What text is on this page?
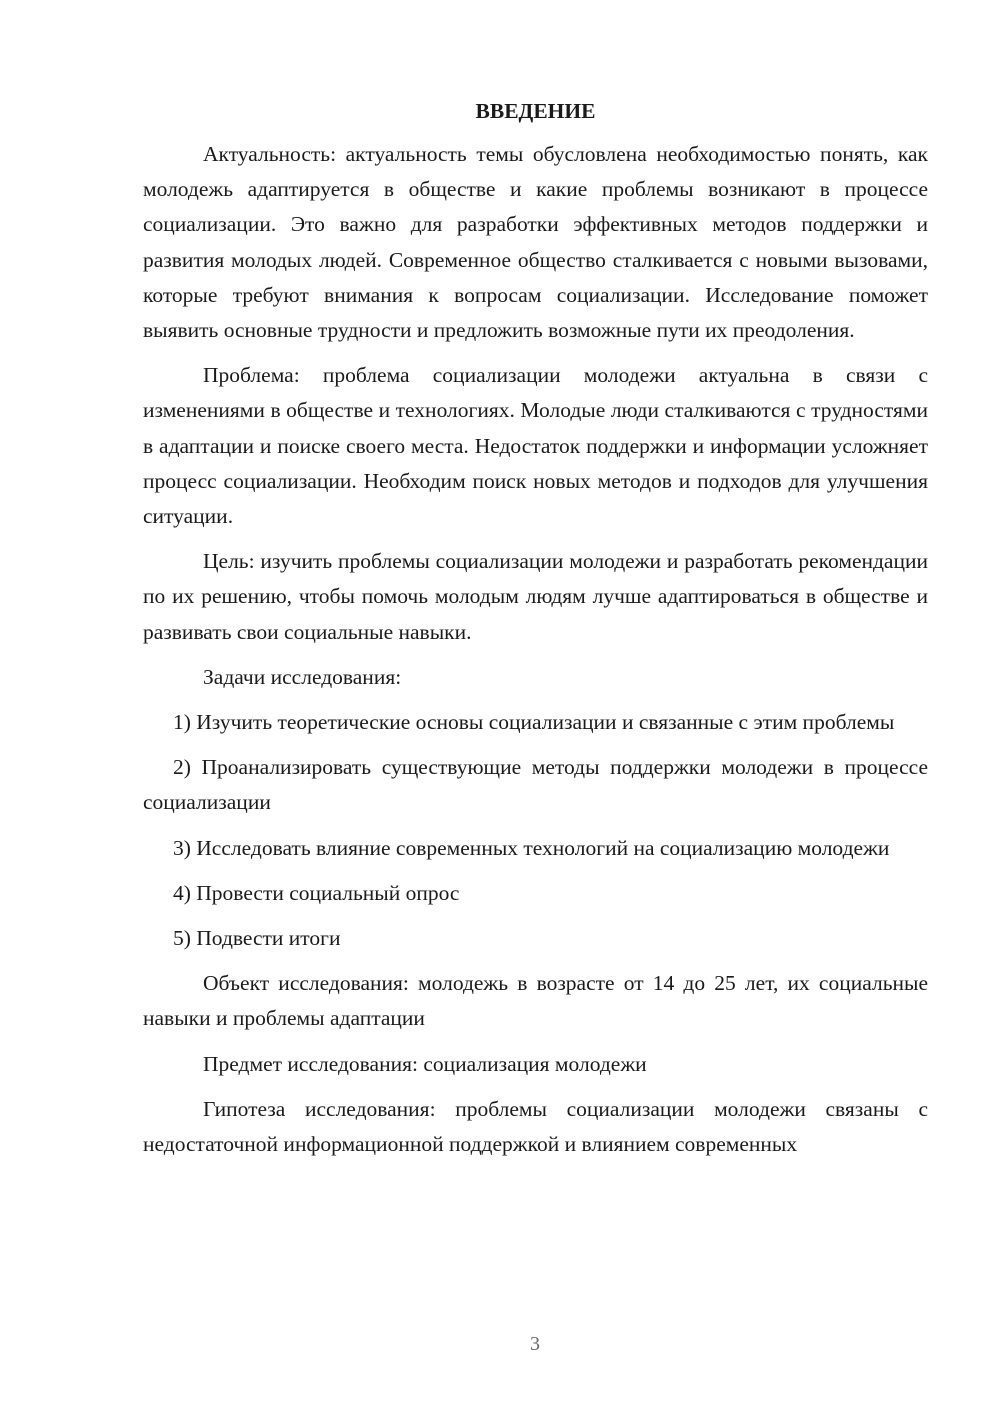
ВВЕДЕНИЕ

Актуальность: актуальность темы обусловлена необходимостью понять, как молодежь адаптируется в обществе и какие проблемы возникают в процессе социализации. Это важно для разработки эффективных методов поддержки и развития молодых людей. Современное общество сталкивается с новыми вызовами, которые требуют внимания к вопросам социализации. Исследование поможет выявить основные трудности и предложить возможные пути их преодоления.

Проблема: проблема социализации молодежи актуальна в связи с изменениями в обществе и технологиях. Молодые люди сталкиваются с трудностями в адаптации и поиске своего места. Недостаток поддержки и информации усложняет процесс социализации. Необходим поиск новых методов и подходов для улучшения ситуации.

Цель: изучить проблемы социализации молодежи и разработать рекомендации по их решению, чтобы помочь молодым людям лучше адаптироваться в обществе и развивать свои социальные навыки.

Задачи исследования:

1) Изучить теоретические основы социализации и связанные с этим проблемы

2) Проанализировать существующие методы поддержки молодежи в процессе социализации

3) Исследовать влияние современных технологий на социализацию молодежи

4) Провести социальный опрос

5) Подвести итоги

Объект исследования: молодежь в возрасте от 14 до 25 лет, их социальные навыки и проблемы адаптации

Предмет исследования: социализация молодежи

Гипотеза исследования: проблемы социализации молодежи связаны с недостаточной информационной поддержкой и влиянием современных

3
